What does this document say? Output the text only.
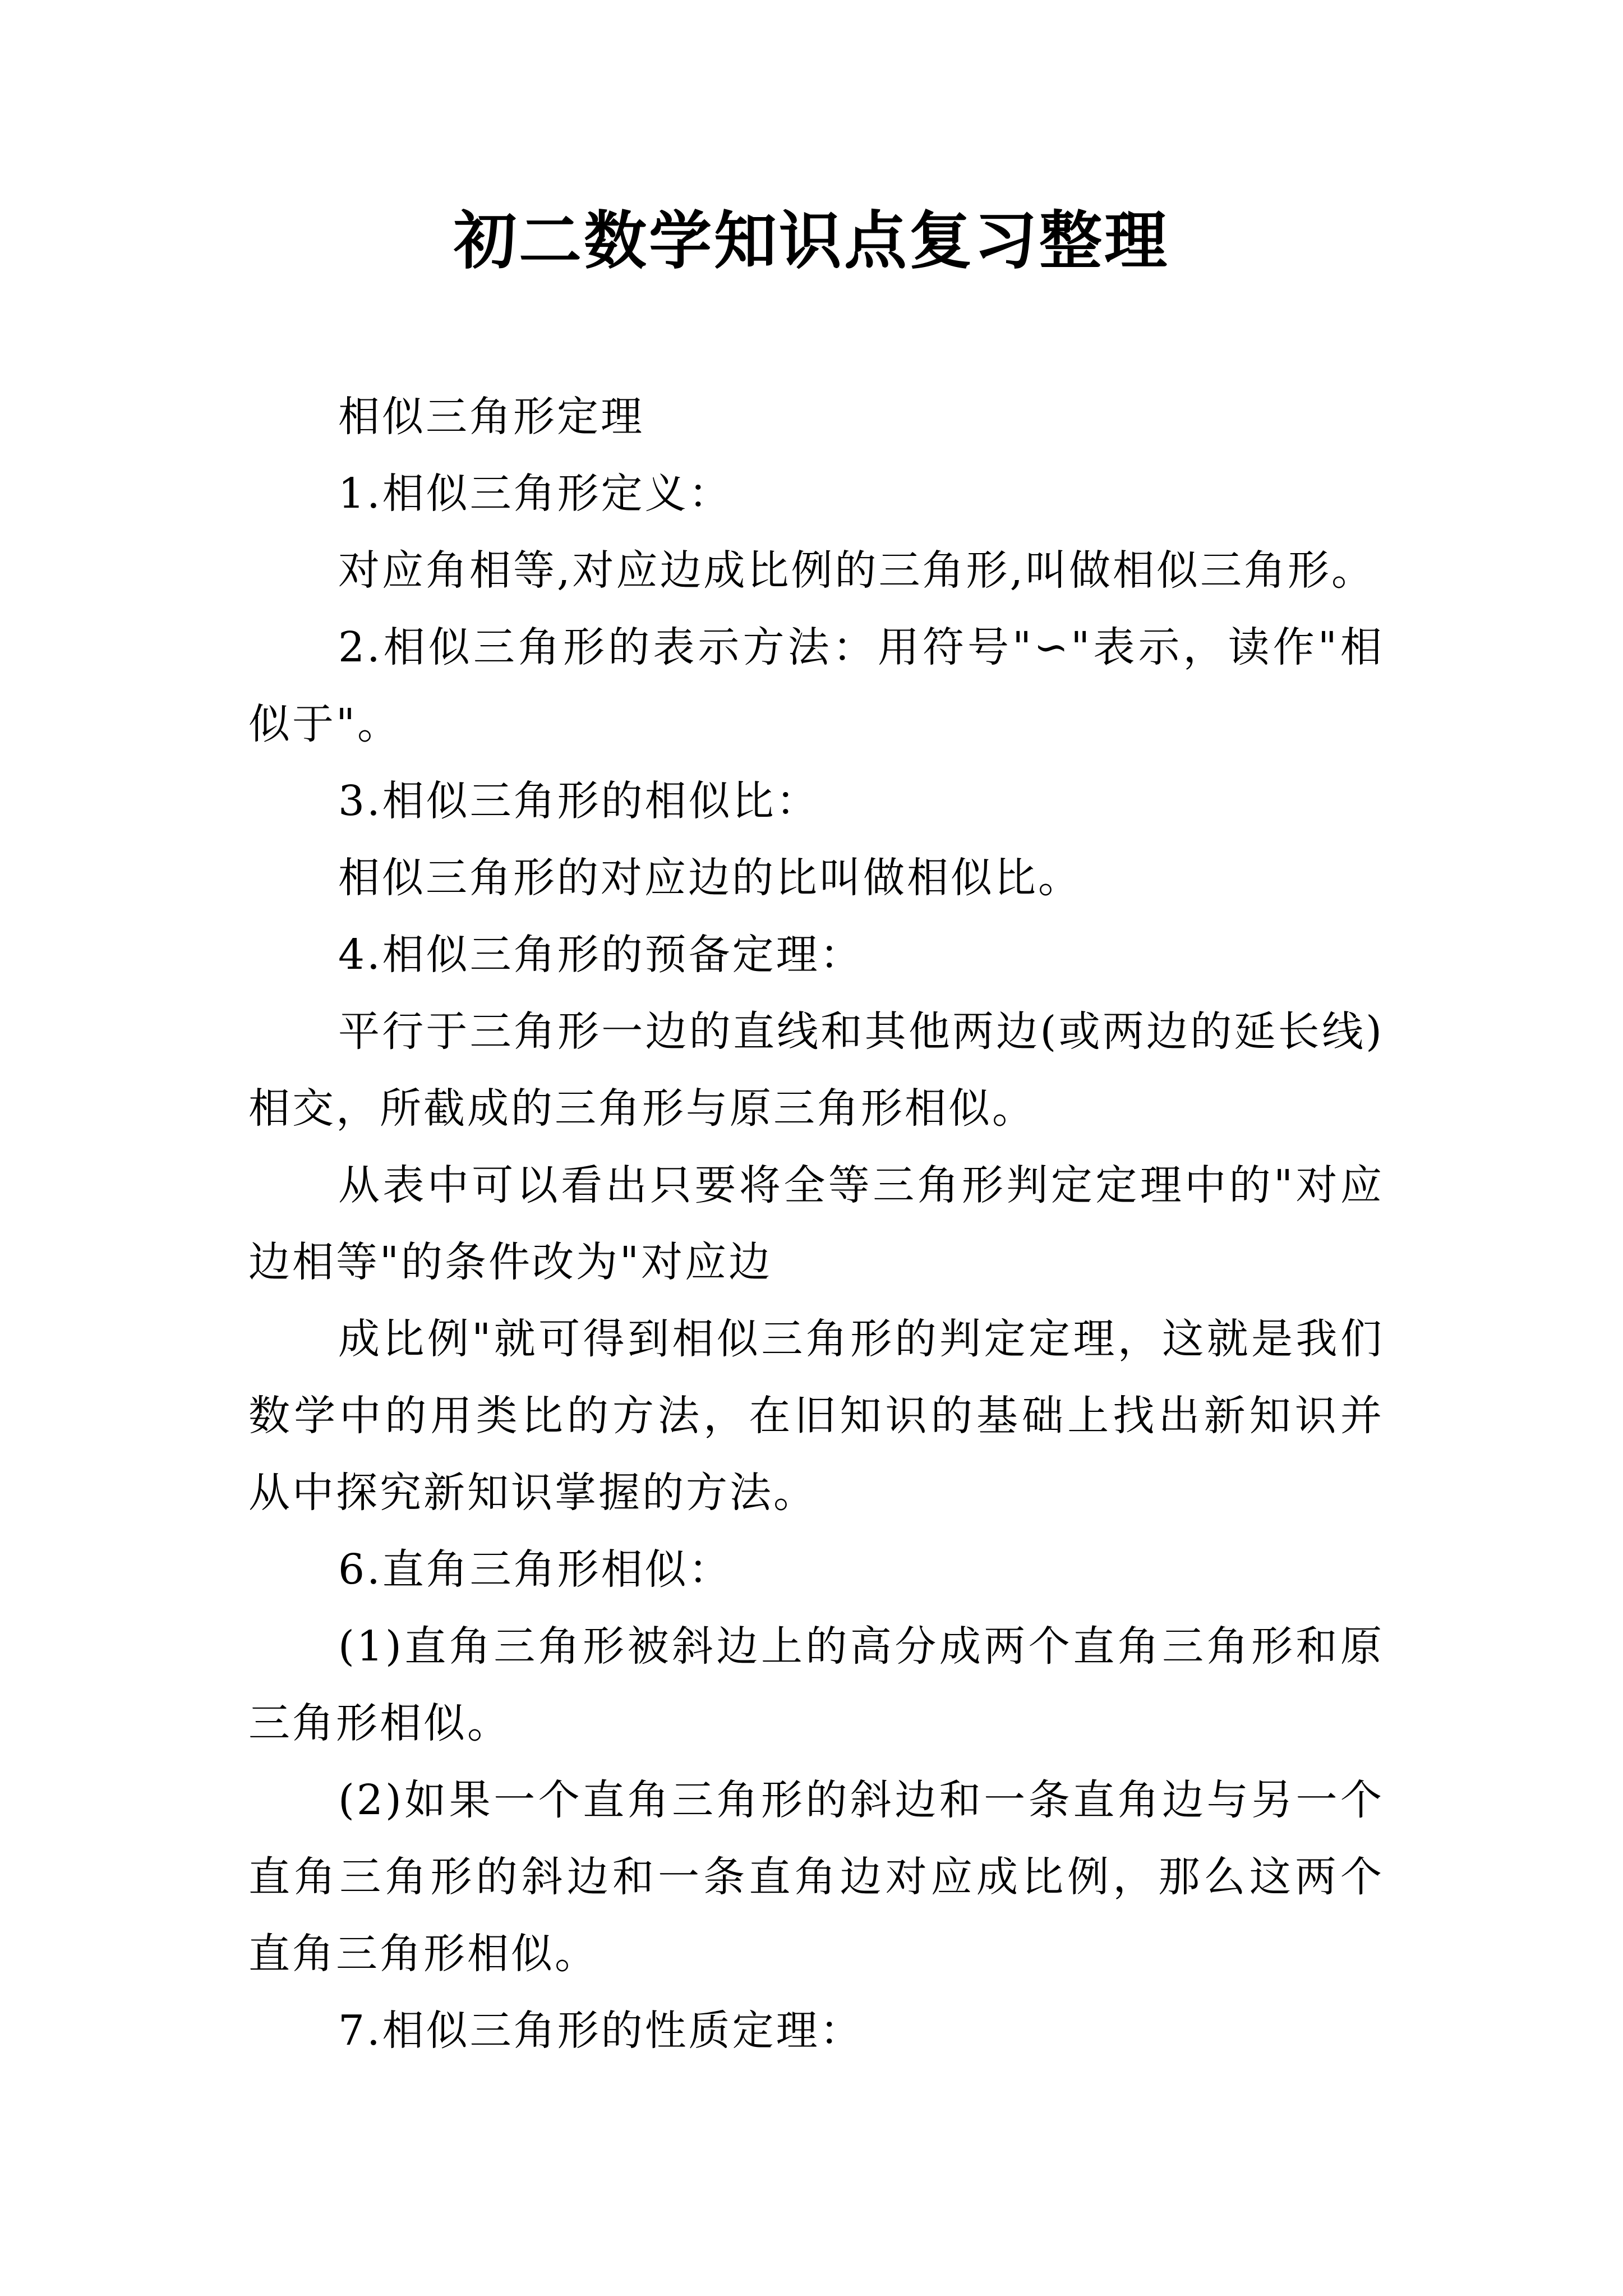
初二数学知识点复习整理

相似三角形定理

1.相似三角形定义：

对应角相等,对应边成比例的三角形,叫做相似三角形。

2.相似三角形的表示方法：用符号"∽"表示，读作"相似于"。

3.相似三角形的相似比：

相似三角形的对应边的比叫做相似比。

4.相似三角形的预备定理：

平行于三角形一边的直线和其他两边(或两边的延长线)相交，所截成的三角形与原三角形相似。

从表中可以看出只要将全等三角形判定定理中的"对应边相等"的条件改为"对应边

成比例"就可得到相似三角形的判定定理，这就是我们数学中的用类比的方法，在旧知识的基础上找出新知识并从中探究新知识掌握的方法。

6.直角三角形相似：

(1)直角三角形被斜边上的高分成两个直角三角形和原三角形相似。

(2)如果一个直角三角形的斜边和一条直角边与另一个直角三角形的斜边和一条直角边对应成比例，那么这两个直角三角形相似。

7.相似三角形的性质定理：
